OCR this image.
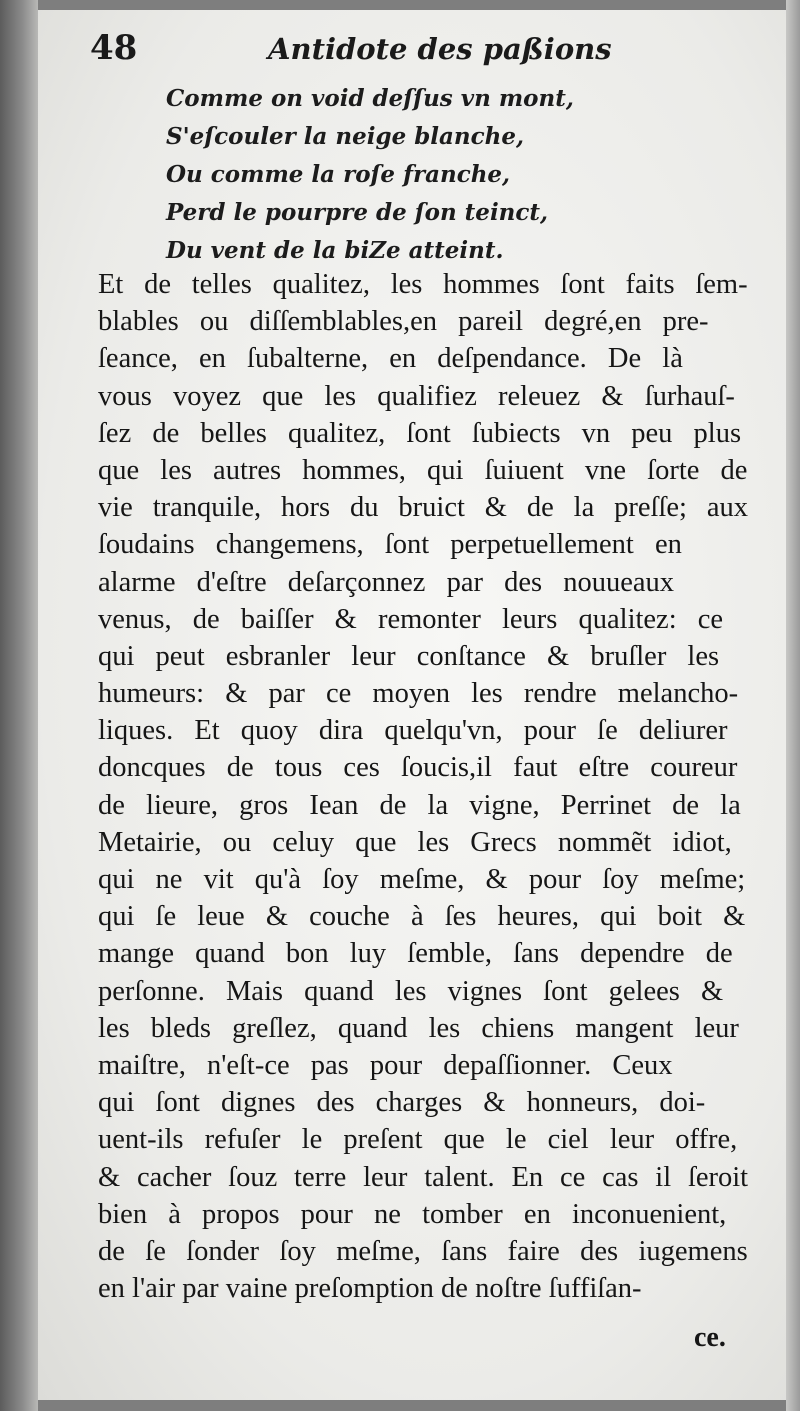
48	Antidote des paßions
Comme on void deſſus vn mont,
S'eſcouler la neige blanche,
Ou comme la roſe franche,
Perd le pourpre de ſon teinct,
Du vent de la biZe atteint.
Et de telles qualitez, les hommes ſont faits ſem-
blables ou diſſemblables,en pareil degré,en pre-
ſeance, en ſubalterne, en deſpendance. De là
vous voyez que les qualifiez releuez & ſurhauſ-
ſez de belles qualitez, ſont ſubiects vn peu plus
que les autres hommes, qui ſuiuent vne ſorte de
vie tranquile, hors du bruict & de la preſſe; aux
ſoudains changemens, ſont perpetuellement en
alarme d'eſtre deſarçonnez par des nouueaux
venus, de baiſſer & remonter leurs qualitez: ce
qui peut esbranler leur conſtance & bruſler les
humeurs: & par ce moyen les rendre melancho-
liques. Et quoy dira quelqu'vn, pour ſe deliurer
doncques de tous ces ſoucis,il faut eſtre coureur
de lieure, gros Iean de la vigne, Perrinet de la
Metairie, ou celuy que les Grecs nommẽt idiot,
qui ne vit qu'à ſoy meſme, & pour ſoy meſme;
qui ſe leue & couche à ſes heures, qui boit &
mange quand bon luy ſemble, ſans dependre de
perſonne. Mais quand les vignes ſont gelees &
les bleds greſlez, quand les chiens mangent leur
maiſtre, n'eſt-ce pas pour depaſſionner. Ceux
qui ſont dignes des charges & honneurs, doi-
uent-ils refuſer le preſent que le ciel leur offre,
& cacher ſouz terre leur talent. En ce cas il ſeroit
bien à propos pour ne tomber en inconuenient,
de ſe ſonder ſoy meſme, ſans faire des iugemens
en l'air par vaine preſomption de noſtre ſuffiſan-
ce.
